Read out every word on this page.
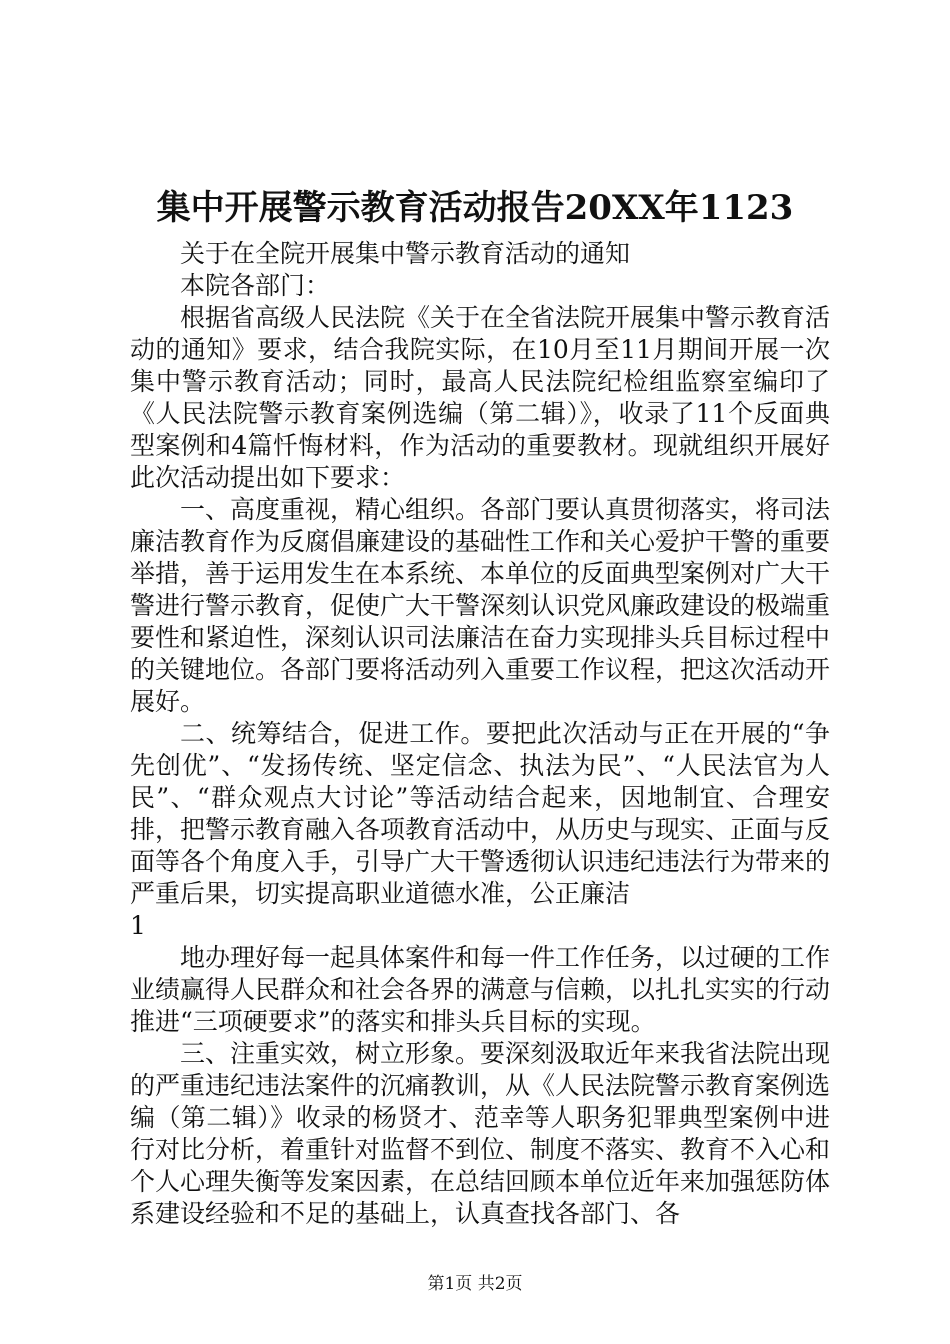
集中开展警示教育活动报告20XX年1123

关于在全院开展集中警示教育活动的通知

本院各部门：

根据省高级人民法院《关于在全省法院开展集中警示教育活动的通知》要求，结合我院实际，在10月至11月期间开展一次集中警示教育活动；同时，最高人民法院纪检组监察室编印了《人民法院警示教育案例选编（第二辑）》，收录了11个反面典型案例和4篇忏悔材料，作为活动的重要教材。现就组织开展好此次活动提出如下要求：

一、高度重视，精心组织。各部门要认真贯彻落实，将司法廉洁教育作为反腐倡廉建设的基础性工作和关心爱护干警的重要举措，善于运用发生在本系统、本单位的反面典型案例对广大干警进行警示教育，促使广大干警深刻认识党风廉政建设的极端重要性和紧迫性，深刻认识司法廉洁在奋力实现排头兵目标过程中的关键地位。各部门要将活动列入重要工作议程，把这次活动开展好。

二、统筹结合，促进工作。要把此次活动与正在开展的“争先创优”、“发扬传统、坚定信念、执法为民”、“人民法官为人民”、“群众观点大讨论”等活动结合起来，因地制宜、合理安排，把警示教育融入各项教育活动中，从历史与现实、正面与反面等各个角度入手，引导广大干警透彻认识违纪违法行为带来的严重后果，切实提高职业道德水准，公正廉洁

1

地办理好每一起具体案件和每一件工作任务，以过硬的工作业绩赢得人民群众和社会各界的满意与信赖，以扎扎实实的行动推进“三项硬要求”的落实和排头兵目标的实现。

三、注重实效，树立形象。要深刻汲取近年来我省法院出现的严重违纪违法案件的沉痛教训，从《人民法院警示教育案例选编（第二辑）》收录的杨贤才、范幸等人职务犯罪典型案例中进行对比分析，着重针对监督不到位、制度不落实、教育不入心和个人心理失衡等发案因素，在总结回顾本单位近年来加强惩防体系建设经验和不足的基础上，认真查找各部门、各

第1页 共2页
